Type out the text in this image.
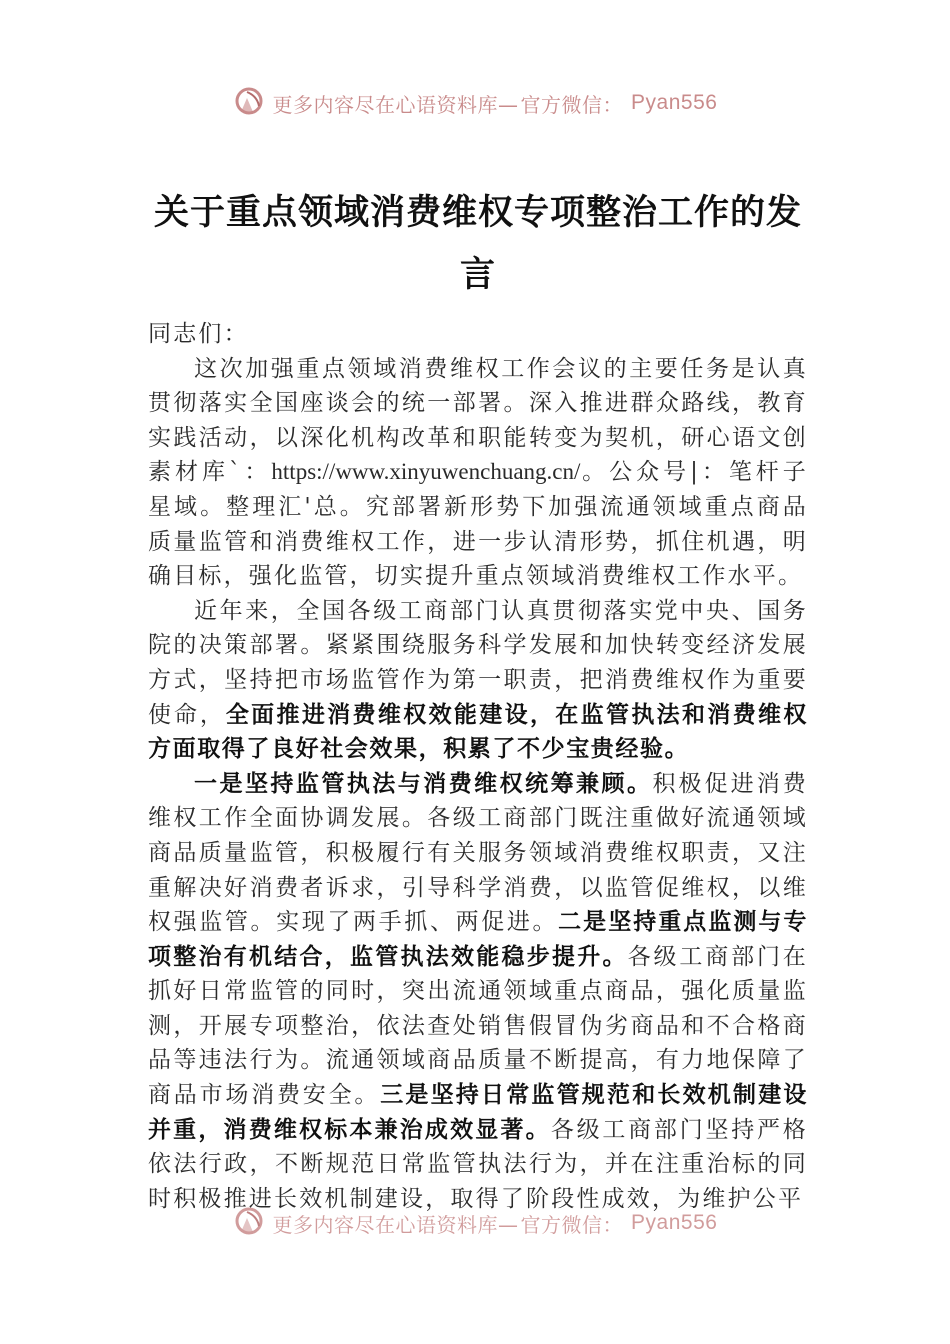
更多内容尽在心语资料库— 官方微信： Pyan556
关于重点领域消费维权专项整治工作的发言

同志们：

这次加强重点领域消费维权工作会议的主要任务是认真贯彻落实全国座谈会的统一部署。深入推进群众路线，教育实践活动，以深化机构改革和职能转变为契机，研心语文创素材库`：https://www.xinyuwenchuang.cn/。公众号|：笔杆子星域。整理汇'总。究部署新形势下加强流通领域重点商品质量监管和消费维权工作，进一步认清形势，抓住机遇，明确目标，强化监管，切实提升重点领域消费维权工作水平。

近年来，全国各级工商部门认真贯彻落实党中央、国务院的决策部署。紧紧围绕服务科学发展和加快转变经济发展方式，坚持把市场监管作为第一职责，把消费维权作为重要使命，全面推进消费维权效能建设，在监管执法和消费维权方面取得了良好社会效果，积累了不少宝贵经验。

一是坚持监管执法与消费维权统筹兼顾。积极促进消费维权工作全面协调发展。各级工商部门既注重做好流通领域商品质量监管，积极履行有关服务领域消费维权职责，又注重解决好消费者诉求，引导科学消费，以监管促维权，以维权强监管。实现了两手抓、两促进。二是坚持重点监测与专项整治有机结合，监管执法效能稳步提升。各级工商部门在抓好日常监管的同时，突出流通领域重点商品，强化质量监测，开展专项整治，依法查处销售假冒伪劣商品和不合格商品等违法行为。流通领域商品质量不断提高，有力地保障了商品市场消费安全。三是坚持日常监管规范和长效机制建设并重，消费维权标本兼治成效显著。各级工商部门坚持严格依法行政，不断规范日常监管执法行为，并在注重治标的同时积极推进长效机制建设，取得了阶段性成效，为维护公平

更多内容尽在心语资料库— 官方微信： Pyan556
